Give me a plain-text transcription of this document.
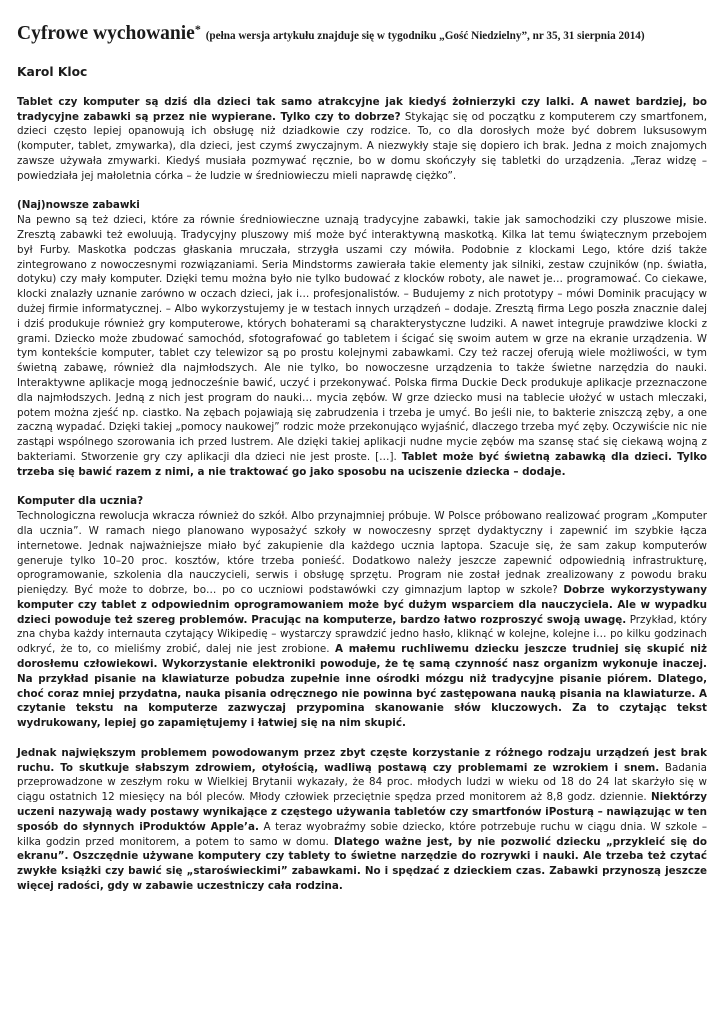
Cyfrowe wychowanie* (pełna wersja artykułu znajduje się w tygodniku „Gość Niedzielny”, nr 35, 31 sierpnia 2014)
Karol Kloc

Tablet czy komputer są dziś dla dzieci tak samo atrakcyjne jak kiedyś żołnierzyki czy lalki. A nawet bardziej, bo tradycyjne zabawki są przez nie wypierane. Tylko czy to dobrze? Stykając się od początku z komputerem czy smartfonem, dzieci często lepiej opanowują ich obsługę niż dziadkowie czy rodzice. To, co dla dorosłych może być dobrem luksusowym (komputer, tablet, zmywarka), dla dzieci, jest czymś zwyczajnym. A niezwykły staje się dopiero ich brak. Jedna z moich znajomych zawsze używała zmywarki. Kiedyś musiała pozmywać ręcznie, bo w domu skończyły się tabletki do urządzenia. „Teraz widzę – powiedziała jej małoletnia córka – że ludzie w średniowieczu mieli naprawdę ciężko”.

(Naj)nowsze zabawki

Na pewno są też dzieci, które za równie średniowieczne uznają tradycyjne zabawki, takie jak samochodziki czy pluszowe misie. Zresztą zabawki też ewoluują. Tradycyjny pluszowy miś może być interaktywną maskotką. Kilka lat temu świątecznym przebojem był Furby. Maskotka podczas głaskania mruczała, strzygła uszami czy mówiła. Podobnie z klockami Lego, które dziś także zintegrowano z nowoczesnymi rozwiązaniami. Seria Mindstorms zawierała takie elementy jak silniki, zestaw czujników (np. światła, dotyku) czy mały komputer. Dzięki temu można było nie tylko budować z klocków roboty, ale nawet je… programować. Co ciekawe, klocki znalazły uznanie zarówno w oczach dzieci, jak i… profesjonalistów. – Budujemy z nich prototypy – mówi Dominik pracujący w dużej firmie informatycznej. – Albo wykorzystujemy je w testach innych urządzeń – dodaje. Zresztą firma Lego poszła znacznie dalej i dziś produkuje również gry komputerowe, których bohaterami są charakterystyczne ludziki. A nawet integruje prawdziwe klocki z grami. Dziecko może zbudować samochód, sfotografować go tabletem i ścigać się swoim autem w grze na ekranie urządzenia. W tym kontekście komputer, tablet czy telewizor są po prostu kolejnymi zabawkami. Czy też raczej oferują wiele możliwości, w tym świetną zabawę, również dla najmłodszych. Ale nie tylko, bo nowoczesne urządzenia to także świetne narzędzia do nauki. Interaktywne aplikacje mogą jednocześnie bawić, uczyć i przekonywać. Polska firma Duckie Deck produkuje aplikacje przeznaczone dla najmłodszych. Jedną z nich jest program do nauki… mycia zębów. W grze dziecko musi na tablecie ułożyć w ustach mleczaki, potem można zjeść np. ciastko. Na zębach pojawiają się zabrudzenia i trzeba je umyć. Bo jeśli nie, to bakterie zniszczą zęby, a one zaczną wypadać. Dzięki takiej „pomocy naukowej” rodzic może przekonująco wyjaśnić, dlaczego trzeba myć zęby. Oczywiście nic nie zastąpi wspólnego szorowania ich przed lustrem. Ale dzięki takiej aplikacji nudne mycie zębów ma szansę stać się ciekawą wojną z bakteriami. Stworzenie gry czy aplikacji dla dzieci nie jest proste. […]. Tablet może być świetną zabawką dla dzieci. Tylko trzeba się bawić razem z nimi, a nie traktować go jako sposobu na uciszenie dziecka – dodaje.

Komputer dla ucznia?

Technologiczna rewolucja wkracza również do szkół. Albo przynajmniej próbuje. W Polsce próbowano realizować program „Komputer dla ucznia”. W ramach niego planowano wyposażyć szkoły w nowoczesny sprzęt dydaktyczny i zapewnić im szybkie łącza internetowe. Jednak najważniejsze miało być zakupienie dla każdego ucznia laptopa. Szacuje się, że sam zakup komputerów generuje tylko 10–20 proc. kosztów, które trzeba ponieść. Dodatkowo należy jeszcze zapewnić odpowiednią infrastrukturę, oprogramowanie, szkolenia dla nauczycieli, serwis i obsługę sprzętu. Program nie został jednak zrealizowany z powodu braku pieniędzy. Być może to dobrze, bo… po co uczniowi podstawówki czy gimnazjum laptop w szkole? Dobrze wykorzystywany komputer czy tablet z odpowiednim oprogramowaniem może być dużym wsparciem dla nauczyciela. Ale w wypadku dzieci powoduje też szereg problemów. Pracując na komputerze, bardzo łatwo rozproszyć swoją uwagę. Przykład, który zna chyba każdy internauta czytający Wikipedię – wystarczy sprawdzić jedno hasło, kliknąć w kolejne, kolejne i… po kilku godzinach odkryć, że to, co mieliśmy zrobić, dalej nie jest zrobione. A małemu ruchliwemu dziecku jeszcze trudniej się skupić niż dorosłemu człowiekowi. Wykorzystanie elektroniki powoduje, że tę samą czynność nasz organizm wykonuje inaczej. Na przykład pisanie na klawiaturze pobudza zupełnie inne ośrodki mózgu niż tradycyjne pisanie piórem. Dlatego, choć coraz mniej przydatna, nauka pisania odręcznego nie powinna być zastępowana nauką pisania na klawiaturze. A czytanie tekstu na komputerze zazwyczaj przypomina skanowanie słów kluczowych. Za to czytając tekst wydrukowany, lepiej go zapamiętujemy i łatwiej się na nim skupić.

Jednak największym problemem powodowanym przez zbyt częste korzystanie z różnego rodzaju urządzeń jest brak ruchu. To skutkuje słabszym zdrowiem, otyłością, wadliwą postawą czy problemami ze wzrokiem i snem. Badania przeprowadzone w zeszłym roku w Wielkiej Brytanii wykazały, że 84 proc. młodych ludzi w wieku od 18 do 24 lat skarżyło się w ciągu ostatnich 12 miesięcy na ból pleców. Młody człowiek przeciętnie spędza przed monitorem aż 8,8 godz. dziennie. Niektórzy uczeni nazywają wady postawy wynikające z częstego używania tabletów czy smartfonów iPosturą – nawiązując w ten sposób do słynnych iProduktów Apple’a. A teraz wyobraźmy sobie dziecko, które potrzebuje ruchu w ciągu dnia. W szkole – kilka godzin przed monitorem, a potem to samo w domu. Dlatego ważne jest, by nie pozwolić dziecku „przykleić się do ekranu”. Oszczędnie używane komputery czy tablety to świetne narzędzie do rozrywki i nauki. Ale trzeba też czytać zwykłe książki czy bawić się „staroświeckimi” zabawkami. No i spędzać z dzieckiem czas. Zabawki przynoszą jeszcze więcej radości, gdy w zabawie uczestniczy cała rodzina.
